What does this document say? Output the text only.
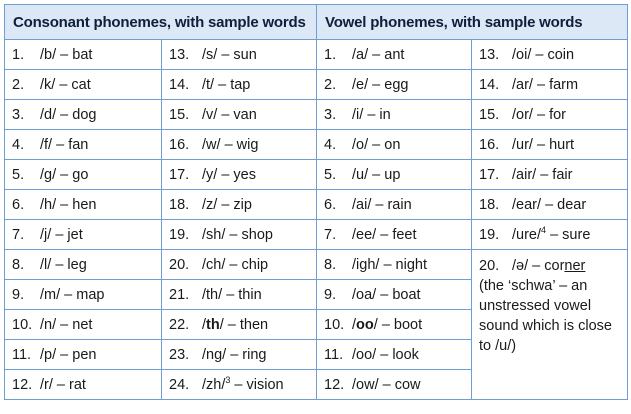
Consonant phonemes, with sample words		Vowel phonemes, with sample words	
1. /b/ – bat	13. /s/ – sun	1. /a/ – ant	13. /oi/ – coin
2. /k/ – cat	14. /t/ – tap	2. /e/ – egg	14. /ar/ – farm
3. /d/ – dog	15. /v/ – van	3. /i/ – in	15. /or/ – for
4. /f/ – fan	16. /w/ – wig	4. /o/ – on	16. /ur/ – hurt
5. /g/ – go	17. /y/ – yes	5. /u/ – up	17. /air/ – fair
6. /h/ – hen	18. /z/ – zip	6. /ai/ – rain	18. /ear/ – dear
7. /j/ – jet	19. /sh/ – shop	7. /ee/ – feet	19. /ure/$^4$ – sure
8. /l/ – leg	20. /ch/ – chip	8. /igh/ – night	20. /ə/ – corner
(the ‘schwa’ – an unstressed vowel sound which is close to /u/)
9. /m/ – map	21. /th/ – thin	9. /oa/ – boat	
10. /n/ – net	22. /th/ – then	10. /oo/ – boot	
11. /p/ – pen	23. /ng/ – ring	11. /oo/ – look	
12. /r/ – rat	24. /zh/$^3$ – vision	12. /ow/ – cow	
